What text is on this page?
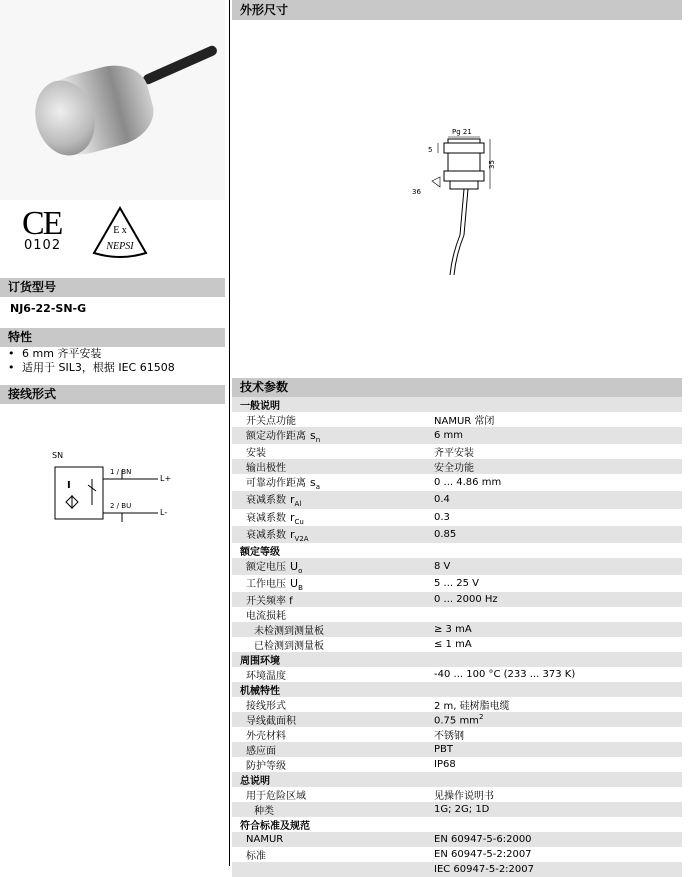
CE
0102
E x
NEPSI
订货型号
NJ6-22-SN-G
特性
• 6 mm 齐平安装
• 适用于 SIL3，根据 IEC 61508
接线形式
SN
I
1 / BN
2 / BU
L+
L-
外形尺寸
Pg 21
5
35
36
技术参数
一般说明	
开关点功能	NAMUR 常闭
额定动作距离 $s_n$	6 mm
安装	齐平安装
输出极性	安全功能
可靠动作距离 $s_a$	0 ... 4.86 mm
衰减系数 $r_{Al}$	0.4
衰减系数 $r_{Cu}$	0.3
衰减系数 $r_{V2A}$	0.85
额定等级	
额定电压 $U_o$	8 V
工作电压 $U_B$	5 ... 25 V
开关频率 f	0 ... 2000 Hz
电流损耗	
未检测到测量板	≥ 3 mA
已检测到测量板	≤ 1 mA
周围环境	
环境温度	-40 ... 100 °C (233 ... 373 K)
机械特性	
接线形式	2 m, 硅树脂电缆
导线截面积	0.75 $mm^2$
外壳材料	不锈钢
感应面	PBT
防护等级	IP68
总说明	
用于危险区域	见操作说明书
种类	1G; 2G; 1D
符合标准及规范	
NAMUR	EN 60947-5-6:2000
标准	EN 60947-5-2:2007
	IEC 60947-5-2:2007
